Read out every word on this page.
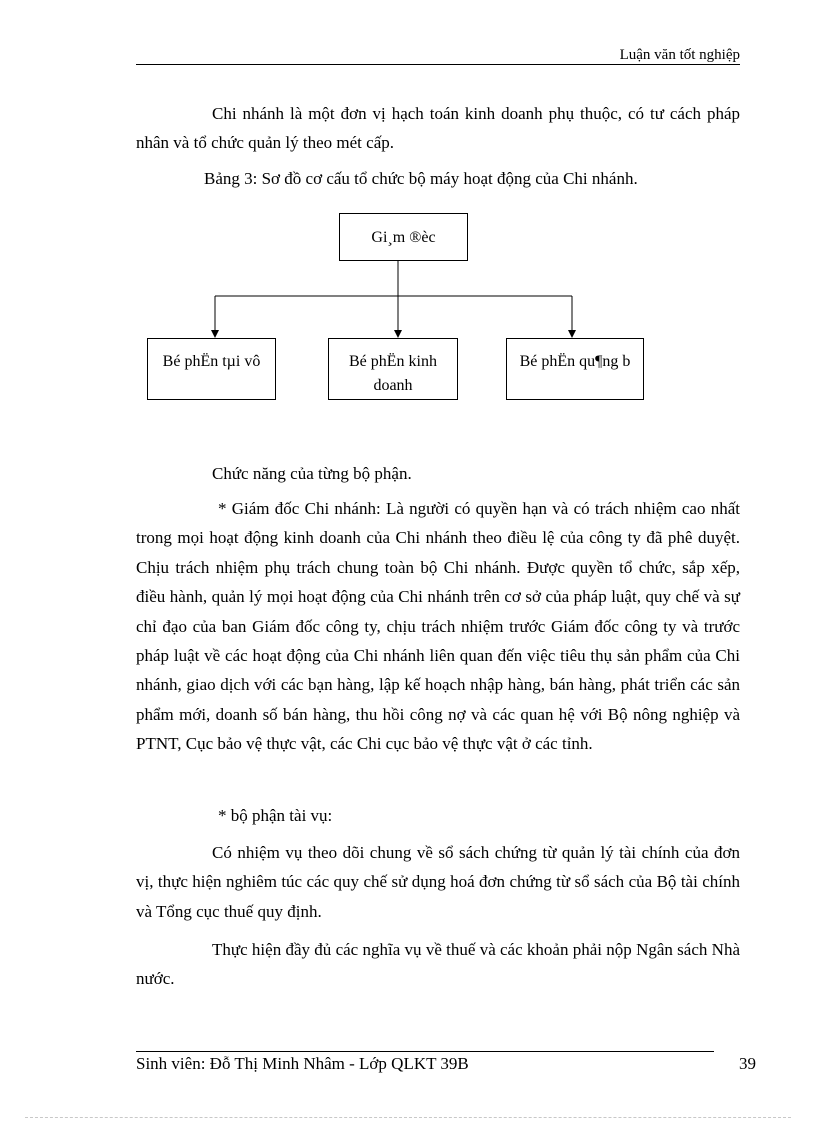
Luận văn tốt nghiệp

Chi nhánh là một đơn vị hạch toán kinh doanh phụ thuộc, có tư cách pháp nhân và tổ chức quản lý theo mét cấp.

Bảng 3: Sơ đồ cơ cấu tổ chức bộ máy hoạt động của Chi nhánh.
Gi¸m ®èc
Bé phËn tµi vô	Bé phËn kinh doanh
Bé phËn qu¶ng b
Chức năng của từng bộ phận.

* Giám đốc Chi nhánh: Là người có quyền hạn và có trách nhiệm cao nhất trong mọi hoạt động kinh doanh của Chi nhánh theo điều lệ của công ty đã phê duyệt. Chịu trách nhiệm phụ trách chung toàn bộ Chi nhánh. Được quyền tổ chức, sắp xếp, điều hành, quản lý mọi hoạt động của Chi nhánh trên cơ sở của pháp luật, quy chế và sự chỉ đạo của ban Giám đốc công ty, chịu trách nhiệm trước Giám đốc công ty và trước pháp luật về các hoạt động của Chi nhánh liên quan đến việc tiêu thụ sản phẩm của Chi nhánh, giao dịch với các bạn hàng, lập kế hoạch nhập hàng, bán hàng, phát triển các sản phẩm mới, doanh số bán hàng, thu hồi công nợ và các quan hệ với Bộ nông nghiệp và PTNT, Cục bảo vệ thực vật, các Chi cục bảo vệ thực vật ở các tỉnh.

* bộ phận tài vụ:

Có nhiệm vụ theo dõi chung về sổ sách chứng từ quản lý tài chính của đơn vị, thực hiện nghiêm túc các quy chế sử dụng hoá đơn chứng từ sổ sách của Bộ tài chính và Tổng cục thuế quy định.

Thực hiện đầy đủ các nghĩa vụ về thuế và các khoản phải nộp Ngân sách Nhà nước.

Sinh viên: Đỗ Thị Minh Nhâm - Lớp QLKT 39B	39
